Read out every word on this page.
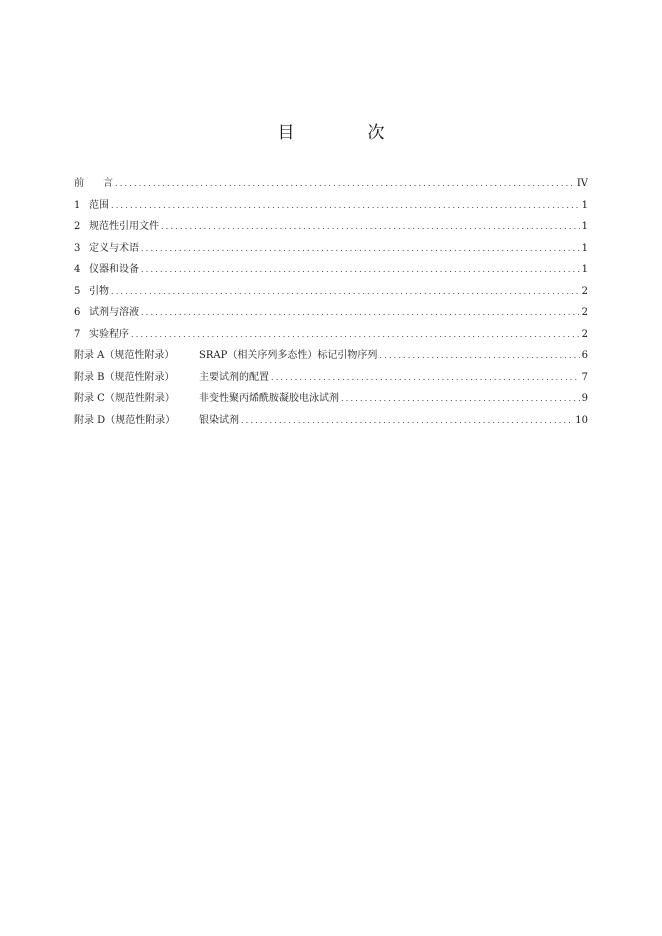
目　次
前	言 .....	IV
1 范围 .....	1
2 规范性引用文件 .....	1
3 定义与术语 .....	1
4 仪器和设备 .....	1
5 引物 .....	2
6 试剂与溶液 .....	2
7 实验程序 .....	2
附录 A（规范性附录）	SRAP（相关序列多态性）标记引物序列 .....	6
附录 B（规范性附录）	主要试剂的配置 .....	7
附录 C（规范性附录）	非变性聚丙烯酰胺凝胶电泳试剂 .....	9
附录 D（规范性附录）	银染试剂 .....	10
